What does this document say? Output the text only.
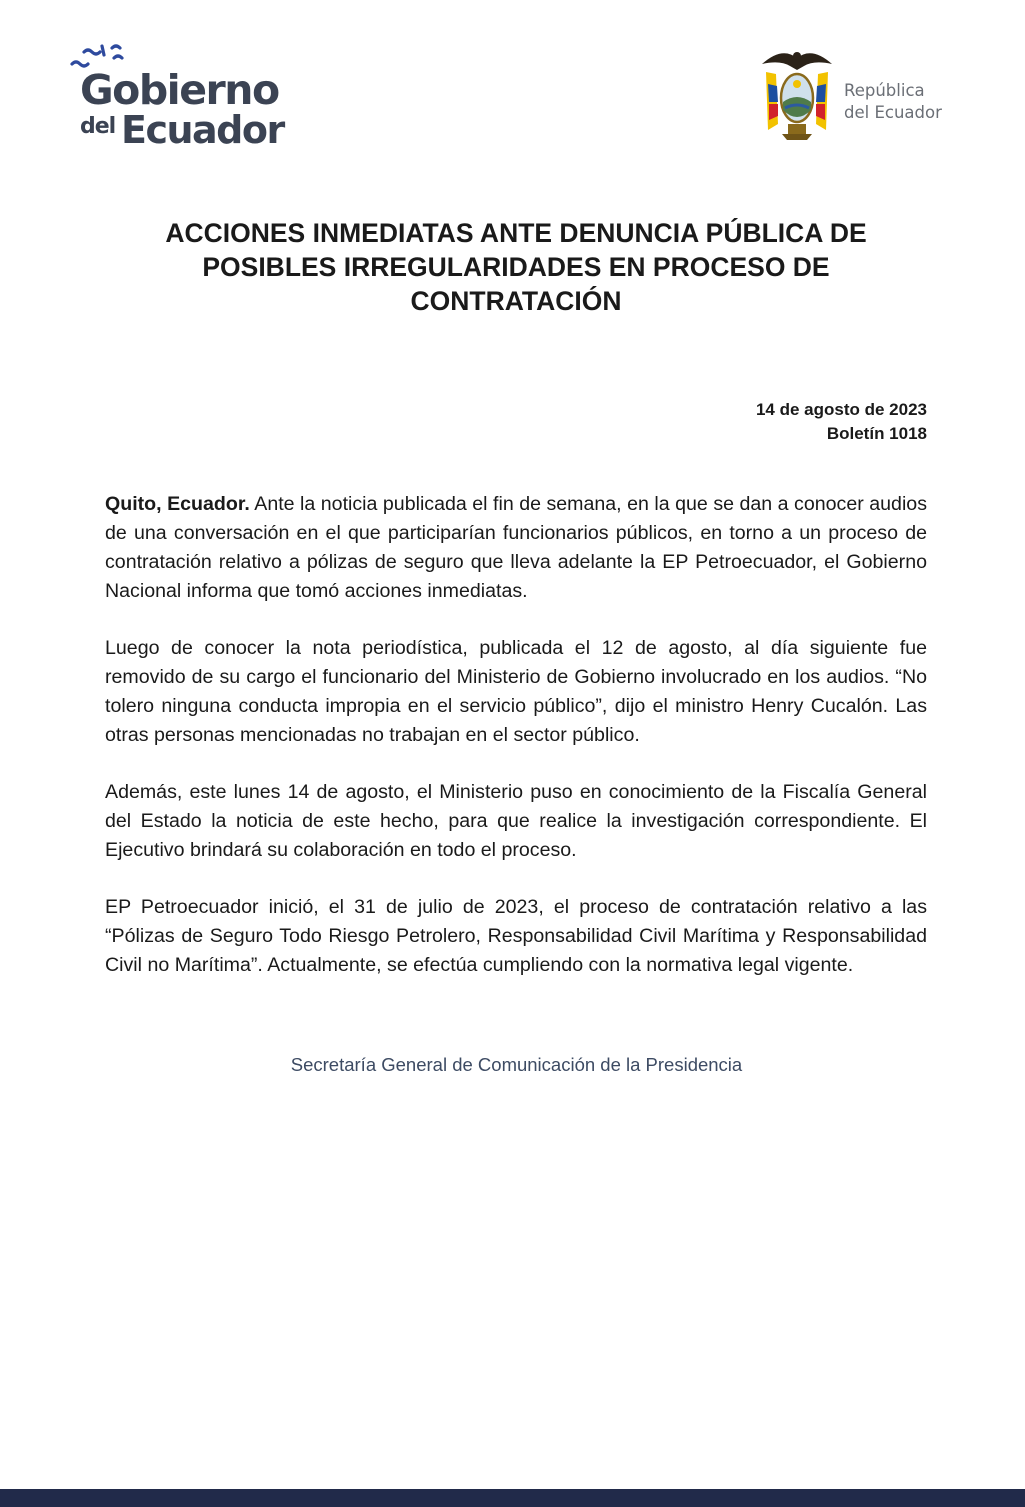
Gobierno
del Ecuador
República
del Ecuador
ACCIONES INMEDIATAS ANTE DENUNCIA PÚBLICA DE POSIBLES IRREGULARIDADES EN PROCESO DE CONTRATACIÓN
14 de agosto de 2023
Boletín 1018

Quito, Ecuador. Ante la noticia publicada el fin de semana, en la que se dan a conocer audios de una conversación en el que participarían funcionarios públicos, en torno a un proceso de contratación relativo a pólizas de seguro que lleva adelante la EP Petroecuador, el Gobierno Nacional informa que tomó acciones inmediatas.

Luego de conocer la nota periodística, publicada el 12 de agosto, al día siguiente fue removido de su cargo el funcionario del Ministerio de Gobierno involucrado en los audios. “No tolero ninguna conducta impropia en el servicio público”, dijo el ministro Henry Cucalón. Las otras personas mencionadas no trabajan en el sector público.

Además, este lunes 14 de agosto, el Ministerio puso en conocimiento de la Fiscalía General del Estado la noticia de este hecho, para que realice la investigación correspondiente. El Ejecutivo brindará su colaboración en todo el proceso.

EP Petroecuador inició, el 31 de julio de 2023, el proceso de contratación relativo a las “Pólizas de Seguro Todo Riesgo Petrolero, Responsabilidad Civil Marítima y Responsabilidad Civil no Marítima”. Actualmente, se efectúa cumpliendo con la normativa legal vigente.

Secretaría General de Comunicación de la Presidencia
